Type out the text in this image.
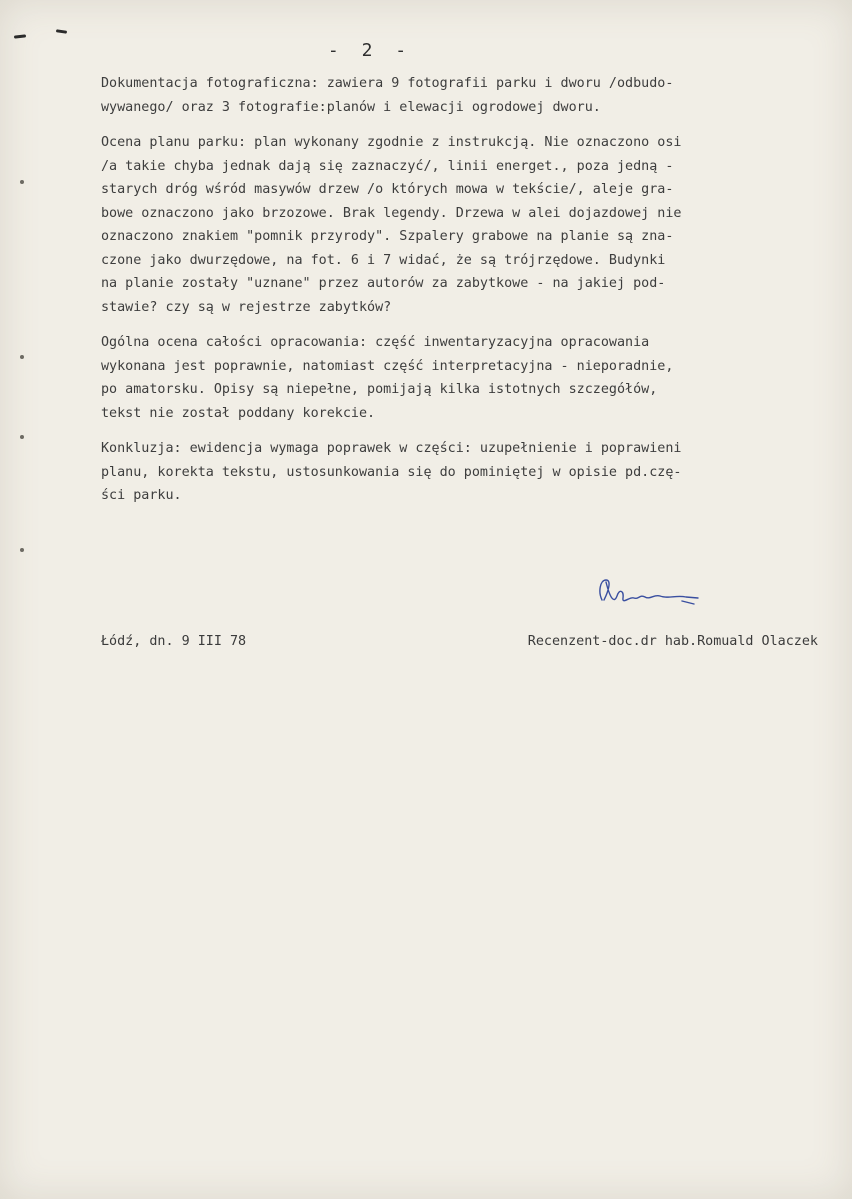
- 2 -

Dokumentacja fotograficzna: zawiera 9 fotografii parku i dworu /odbudo-
wywanego/ oraz 3 fotografie:planów i elewacji ogrodowej dworu.

Ocena planu parku: plan wykonany zgodnie z instrukcją. Nie oznaczono osi
/a takie chyba jednak dają się zaznaczyć/, linii energet., poza jedną -
starych dróg wśród masywów drzew /o których mowa w tekście/, aleje gra-
bowe oznaczono jako brzozowe. Brak legendy. Drzewa w alei dojazdowej nie
oznaczono znakiem "pomnik przyrody". Szpalery grabowe na planie są zna-
czone jako dwurzędowe, na fot. 6 i 7 widać, że są trójrzędowe. Budynki
na planie zostały "uznane" przez autorów za zabytkowe - na jakiej pod-
stawie? czy są w rejestrze zabytków?

Ogólna ocena całości opracowania: część inwentaryzacyjna opracowania
wykonana jest poprawnie, natomiast część interpretacyjna - nieporadnie,
po amatorsku. Opisy są niepełne, pomijają kilka istotnych szczegółów,
tekst nie został poddany korekcie.

Konkluzja: ewidencja wymaga poprawek w części: uzupełnienie i poprawieni
planu, korekta tekstu, ustosunkowania się do pominiętej w opisie pd.czę-
ści parku.

Łódź, dn. 9 III 78	Recenzent-doc.dr hab.Romuald Olaczek
